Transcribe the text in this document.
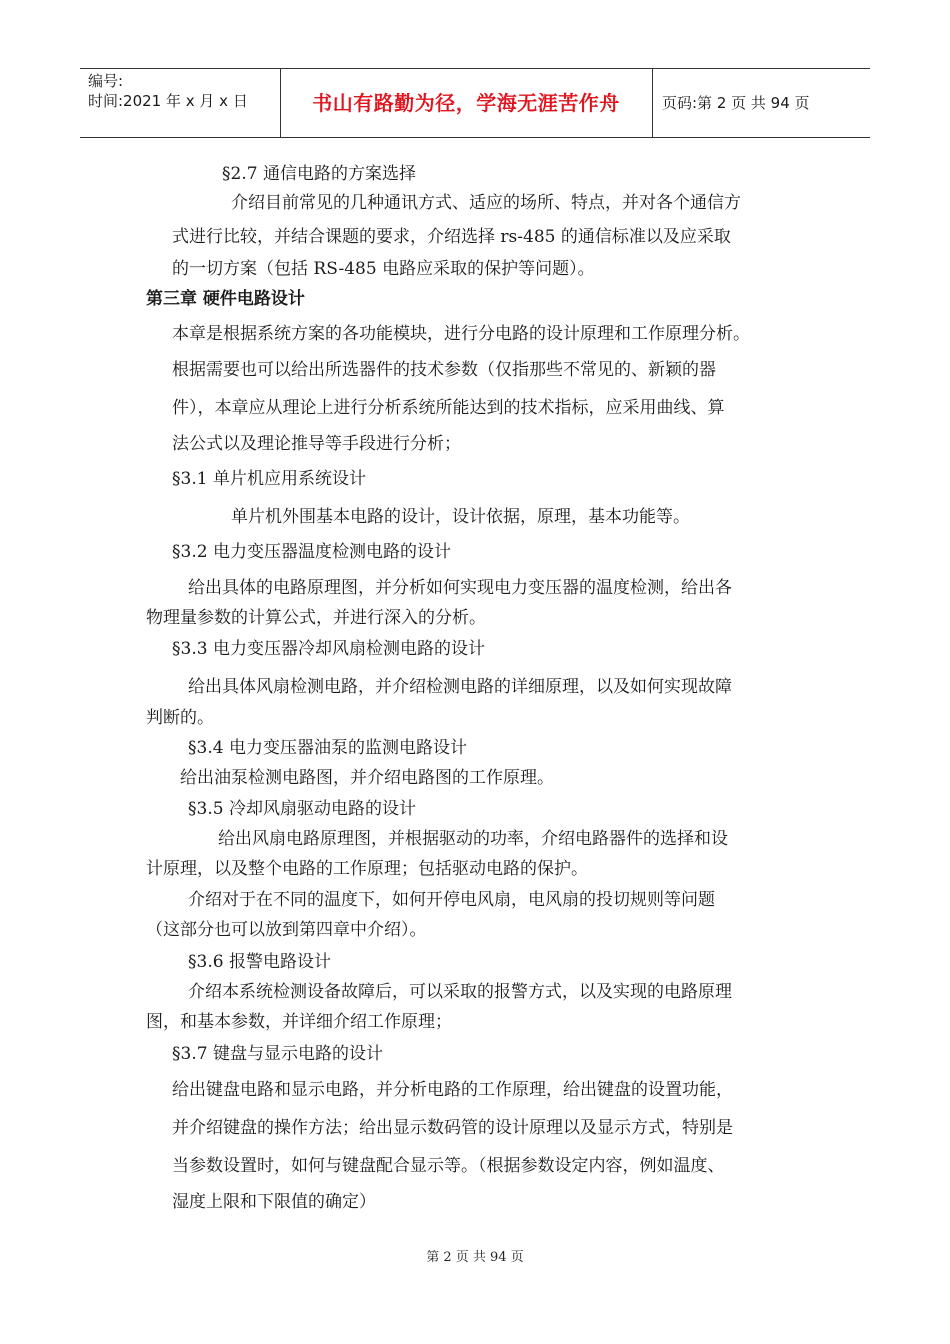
编号:
时间:2021 年 x 月 x 日	书山有路勤为径，学海无涯苦作舟	页码:第 2 页 共 94 页
§2.7 通信电路的方案选择
介绍目前常见的几种通讯方式、适应的场所、特点，并对各个通信方
式进行比较，并结合课题的要求，介绍选择 rs-485 的通信标准以及应采取
的一切方案（包括 RS-485 电路应采取的保护等问题）。
第三章 硬件电路设计
本章是根据系统方案的各功能模块，进行分电路的设计原理和工作原理分析。
根据需要也可以给出所选器件的技术参数（仅指那些不常见的、新颖的器
件），本章应从理论上进行分析系统所能达到的技术指标，应采用曲线、算
法公式以及理论推导等手段进行分析；
§3.1 单片机应用系统设计
单片机外围基本电路的设计，设计依据，原理，基本功能等。
§3.2 电力变压器温度检测电路的设计
给出具体的电路原理图，并分析如何实现电力变压器的温度检测，给出各
物理量参数的计算公式，并进行深入的分析。
§3.3 电力变压器冷却风扇检测电路的设计
给出具体风扇检测电路，并介绍检测电路的详细原理，以及如何实现故障
判断的。
§3.4 电力变压器油泵的监测电路设计
给出油泵检测电路图，并介绍电路图的工作原理。
§3.5 冷却风扇驱动电路的设计
给出风扇电路原理图，并根据驱动的功率，介绍电路器件的选择和设
计原理，以及整个电路的工作原理；包括驱动电路的保护。
介绍对于在不同的温度下，如何开停电风扇，电风扇的投切规则等问题
（这部分也可以放到第四章中介绍）。
§3.6 报警电路设计
介绍本系统检测设备故障后，可以采取的报警方式，以及实现的电路原理
图，和基本参数，并详细介绍工作原理；
§3.7 键盘与显示电路的设计
给出键盘电路和显示电路，并分析电路的工作原理，给出键盘的设置功能，
并介绍键盘的操作方法；给出显示数码管的设计原理以及显示方式，特别是
当参数设置时，如何与键盘配合显示等。（根据参数设定内容，例如温度、
湿度上限和下限值的确定）
第 2 页 共 94 页
